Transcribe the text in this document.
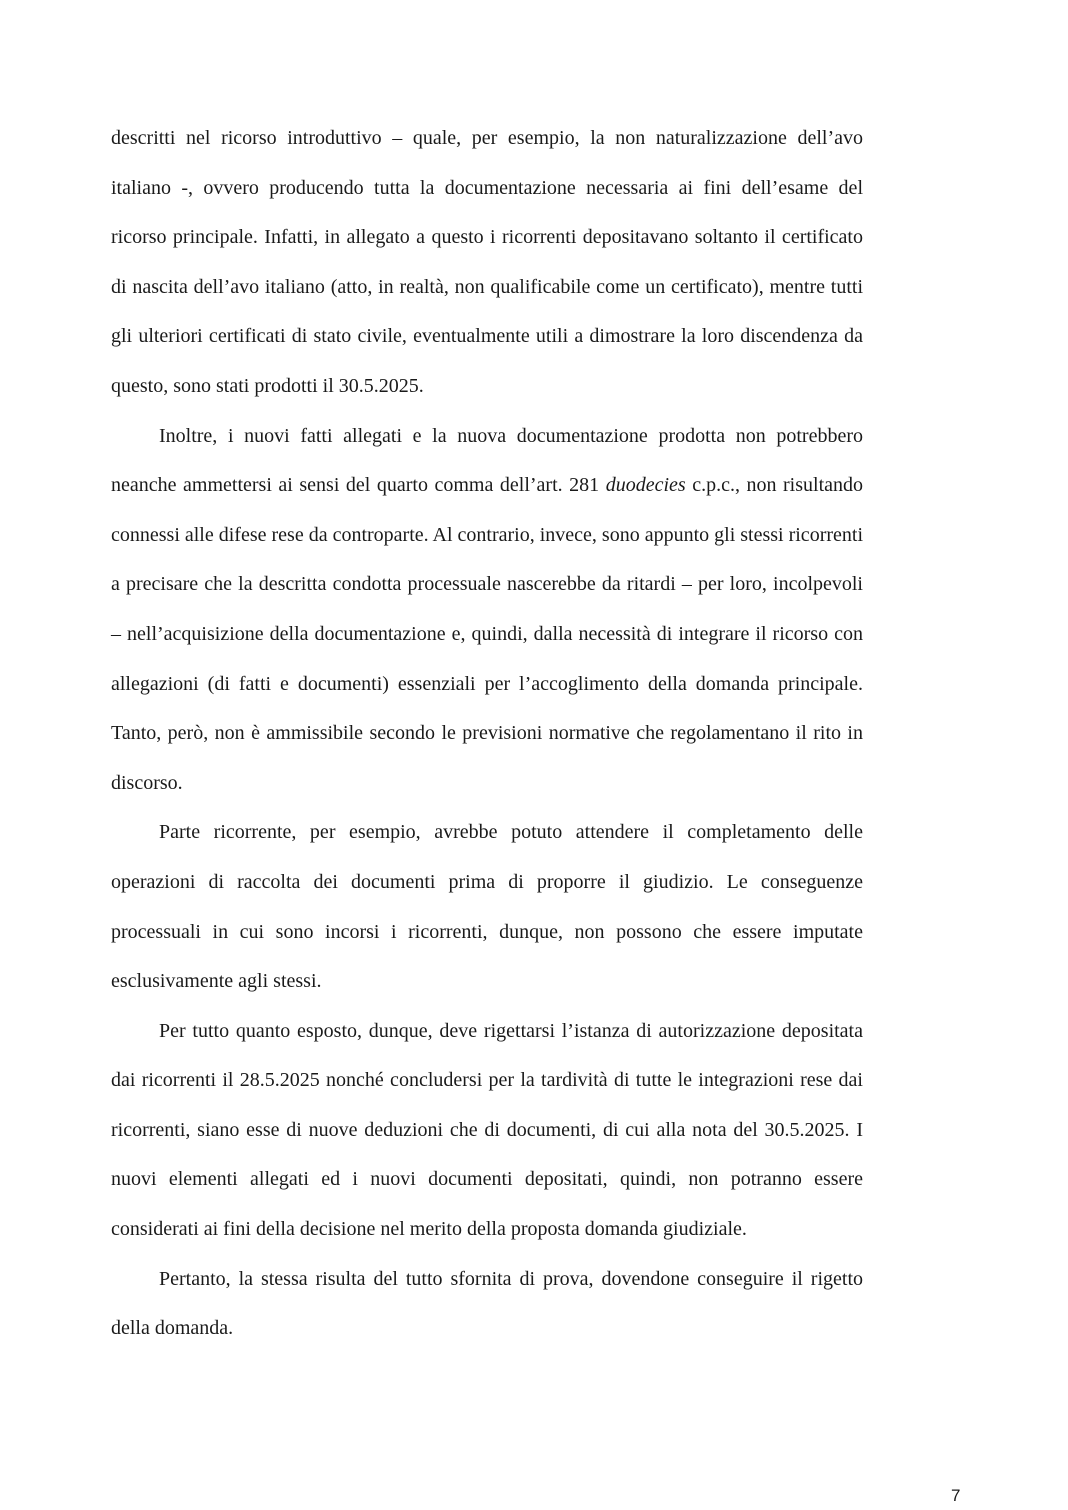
descritti nel ricorso introduttivo – quale, per esempio, la non naturalizzazione dell’avo italiano -, ovvero producendo tutta la documentazione necessaria ai fini dell’esame del ricorso principale. Infatti, in allegato a questo i ricorrenti depositavano soltanto il certificato di nascita dell’avo italiano (atto, in realtà, non qualificabile come un certificato), mentre tutti gli ulteriori certificati di stato civile, eventualmente utili a dimostrare la loro discendenza da questo, sono stati prodotti il 30.5.2025.

Inoltre, i nuovi fatti allegati e la nuova documentazione prodotta non potrebbero neanche ammettersi ai sensi del quarto comma dell’art. 281 duodecies c.p.c., non risultando connessi alle difese rese da controparte. Al contrario, invece, sono appunto gli stessi ricorrenti a precisare che la descritta condotta processuale nascerebbe da ritardi – per loro, incolpevoli – nell’acquisizione della documentazione e, quindi, dalla necessità di integrare il ricorso con allegazioni (di fatti e documenti) essenziali per l’accoglimento della domanda principale. Tanto, però, non è ammissibile secondo le previsioni normative che regolamentano il rito in discorso.

Parte ricorrente, per esempio, avrebbe potuto attendere il completamento delle operazioni di raccolta dei documenti prima di proporre il giudizio. Le conseguenze processuali in cui sono incorsi i ricorrenti, dunque, non possono che essere imputate esclusivamente agli stessi.

Per tutto quanto esposto, dunque, deve rigettarsi l’istanza di autorizzazione depositata dai ricorrenti il 28.5.2025 nonché concludersi per la tardività di tutte le integrazioni rese dai ricorrenti, siano esse di nuove deduzioni che di documenti, di cui alla nota del 30.5.2025. I nuovi elementi allegati ed i nuovi documenti depositati, quindi, non potranno essere considerati ai fini della decisione nel merito della proposta domanda giudiziale.

Pertanto, la stessa risulta del tutto sfornita di prova, dovendone conseguire il rigetto della domanda.

7
